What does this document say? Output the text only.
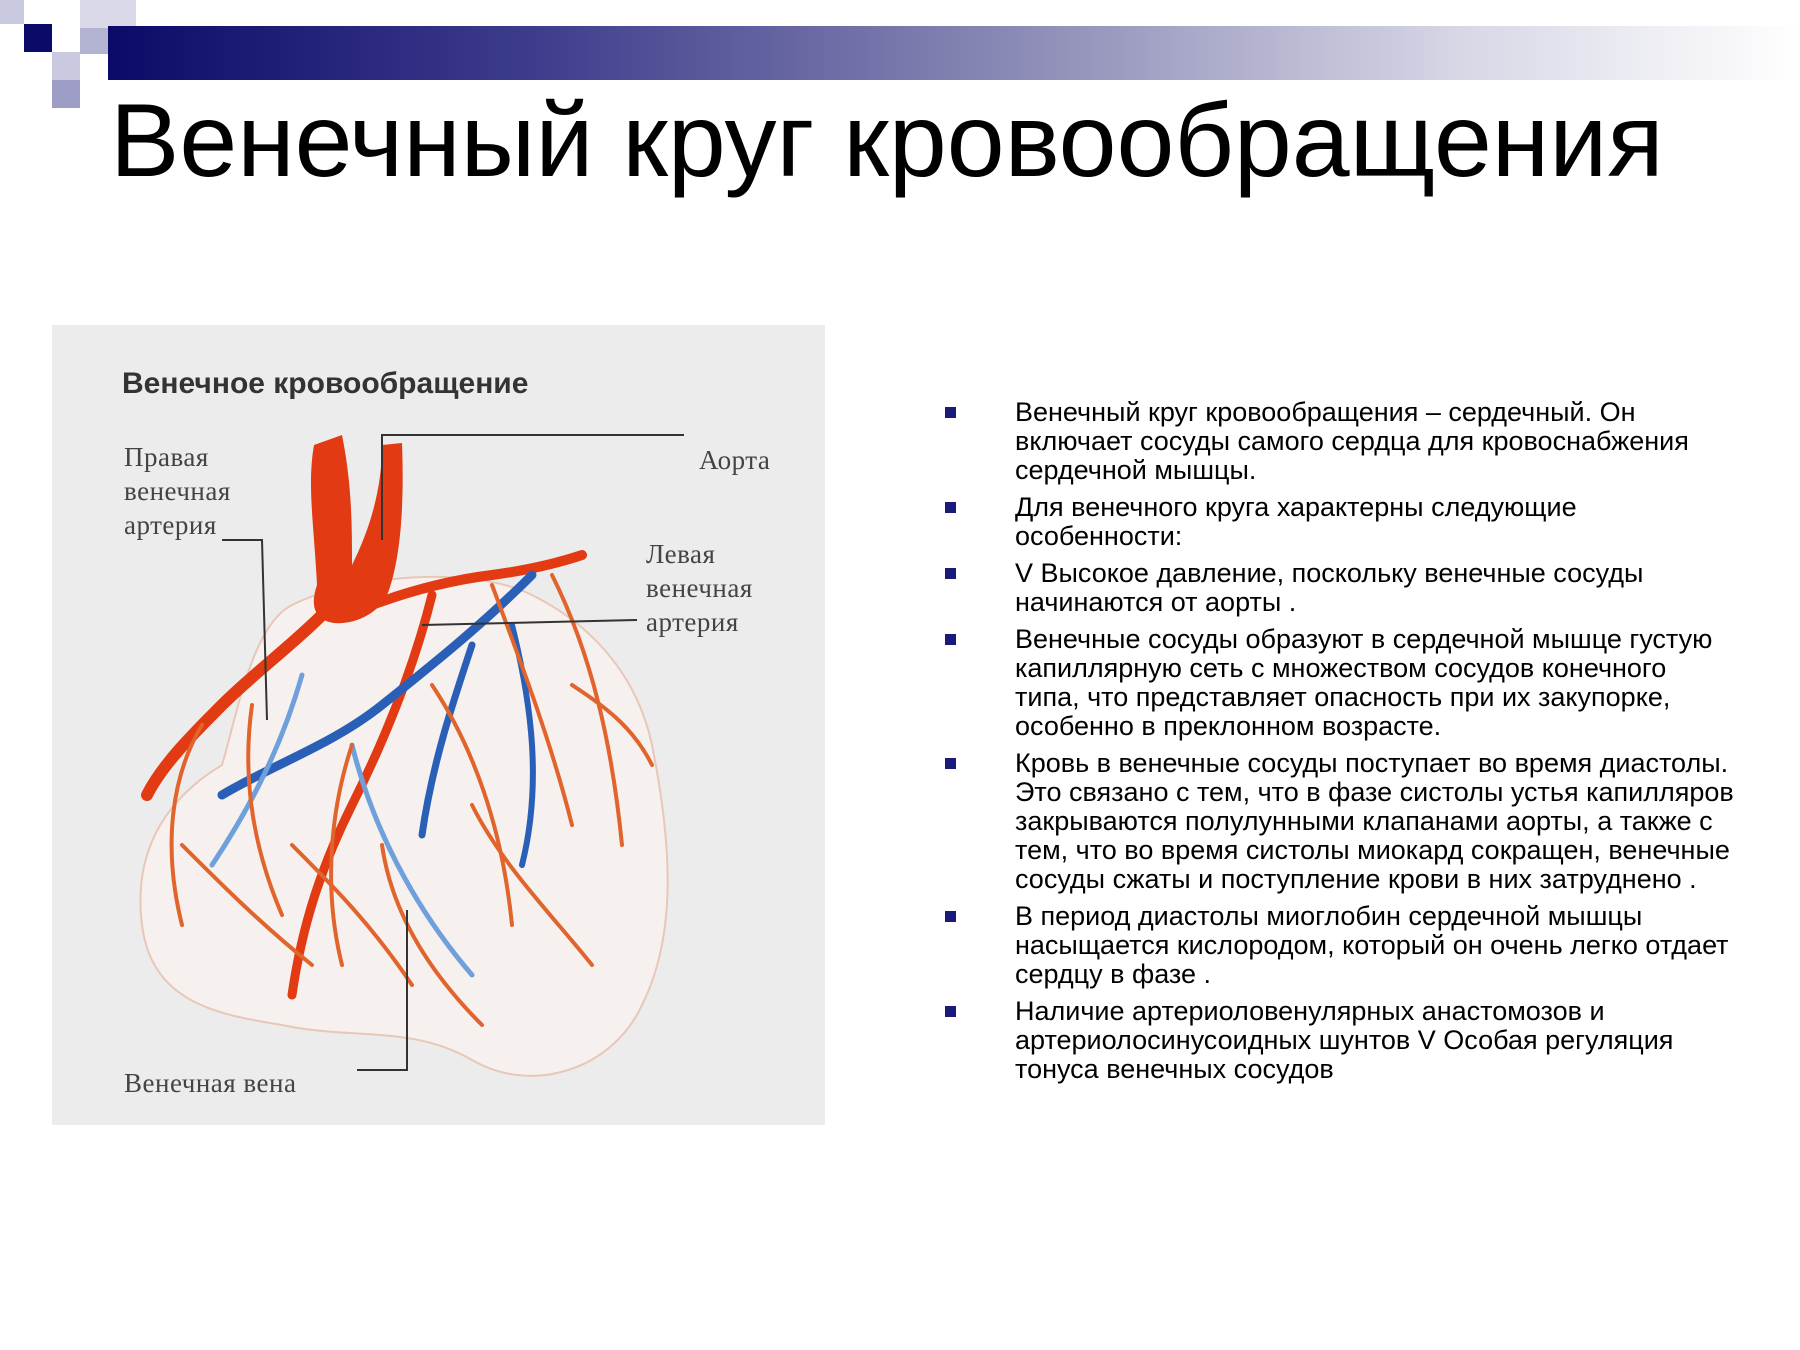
Венечный круг кровообращения
Венечное кровообращение
Правая
венечная
артерия
Аорта
Левая
венечная
артерия
Венечная вена
Венечный круг кровообращения – сердечный. Он включает сосуды самого сердца для кровоснабжения сердечной мышцы.
Для венечного круга характерны следующие особенности:
V Высокое давление, поскольку венечные сосуды начинаются от аорты .
Венечные сосуды образуют в сердечной мышце густую капиллярную сеть с множеством сосудов конечного типа, что представляет опасность при их закупорке, особенно в преклонном возрасте.
Кровь в венечные сосуды поступает во время диастолы. Это связано с тем, что в фазе систолы устья капилляров закрываются полулунными клапанами аорты, а также с тем, что во время систолы миокард сокращен, венечные сосуды сжаты и поступление крови в них затруднено .
В период диастолы миоглобин сердечной мышцы насыщается кислородом, который он очень легко отдает сердцу в фазе .
Наличие артериоловенулярных анастомозов и артериолосинусоидных шунтов V Особая регуляция тонуса венечных сосудов
